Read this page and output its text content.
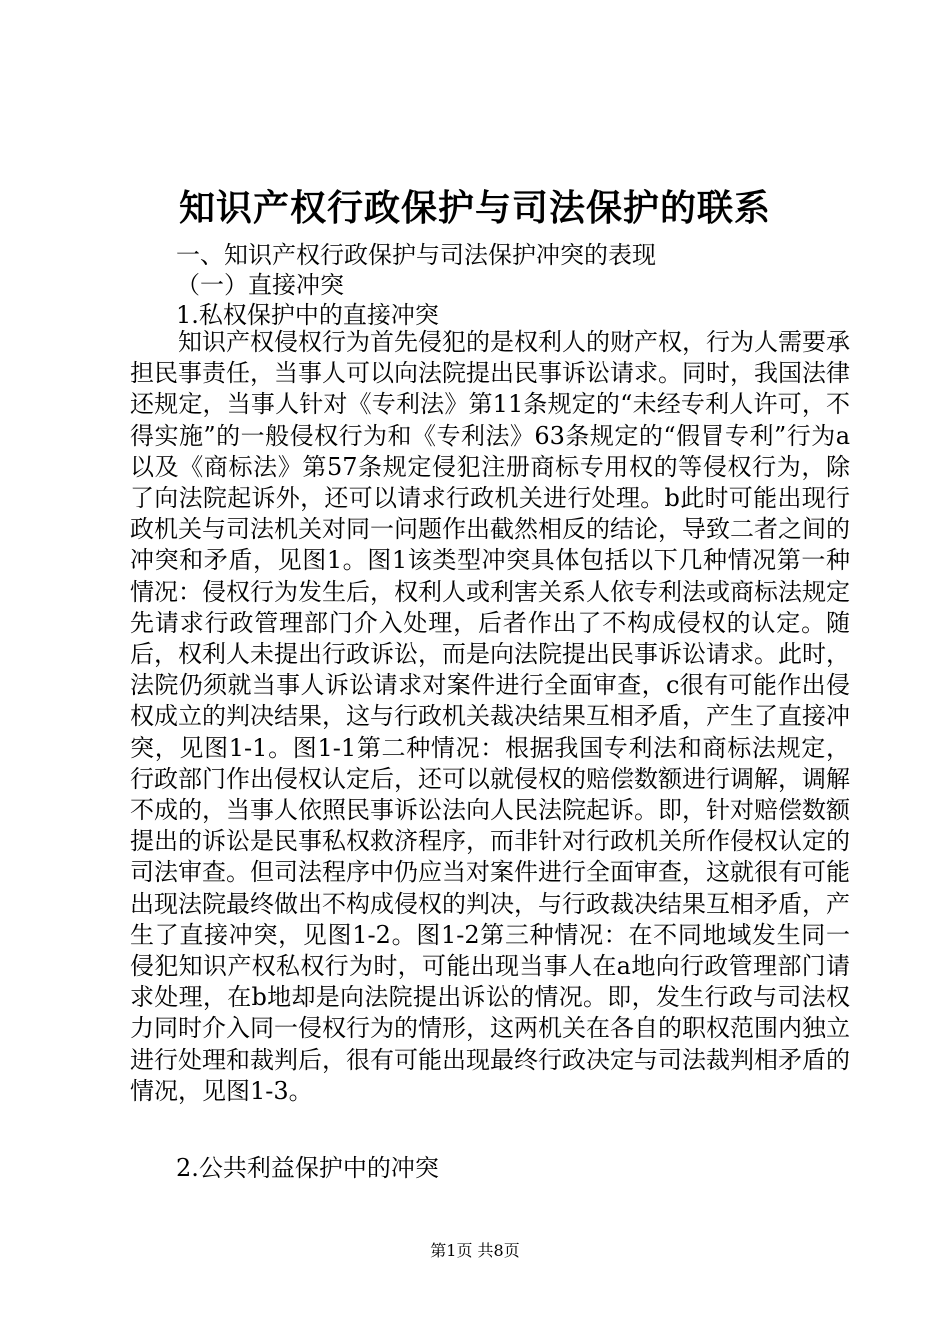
知识产权行政保护与司法保护的联系
一、知识产权行政保护与司法保护冲突的表现
（一）直接冲突
1.私权保护中的直接冲突

知识产权侵权行为首先侵犯的是权利人的财产权，行为人需要承担民事责任，当事人可以向法院提出民事诉讼请求。同时，我国法律还规定，当事人针对《专利法》第11条规定的“未经专利人许可，不得实施”的一般侵权行为和《专利法》63条规定的“假冒专利”行为a以及《商标法》第57条规定侵犯注册商标专用权的等侵权行为，除了向法院起诉外，还可以请求行政机关进行处理。b此时可能出现行政机关与司法机关对同一问题作出截然相反的结论，导致二者之间的冲突和矛盾，见图1。图1该类型冲突具体包括以下几种情况第一种情况：侵权行为发生后，权利人或利害关系人依专利法或商标法规定先请求行政管理部门介入处理，后者作出了不构成侵权的认定。随后，权利人未提出行政诉讼，而是向法院提出民事诉讼请求。此时，法院仍须就当事人诉讼请求对案件进行全面审查，c很有可能作出侵权成立的判决结果，这与行政机关裁决结果互相矛盾，产生了直接冲突，见图1-1。图1-1第二种情况：根据我国专利法和商标法规定，行政部门作出侵权认定后，还可以就侵权的赔偿数额进行调解，调解不成的，当事人依照民事诉讼法向人民法院起诉。即，针对赔偿数额提出的诉讼是民事私权救济程序，而非针对行政机关所作侵权认定的司法审查。但司法程序中仍应当对案件进行全面审查，这就很有可能出现法院最终做出不构成侵权的判决，与行政裁决结果互相矛盾，产生了直接冲突，见图1-2。图1-2第三种情况：在不同地域发生同一侵犯知识产权私权行为时，可能出现当事人在a地向行政管理部门请求处理，在b地却是向法院提出诉讼的情况。即，发生行政与司法权力同时介入同一侵权行为的情形，这两机关在各自的职权范围内独立进行处理和裁判后，很有可能出现最终行政决定与司法裁判相矛盾的情况，见图1-3。

2.公共利益保护中的冲突
第1页 共8页
